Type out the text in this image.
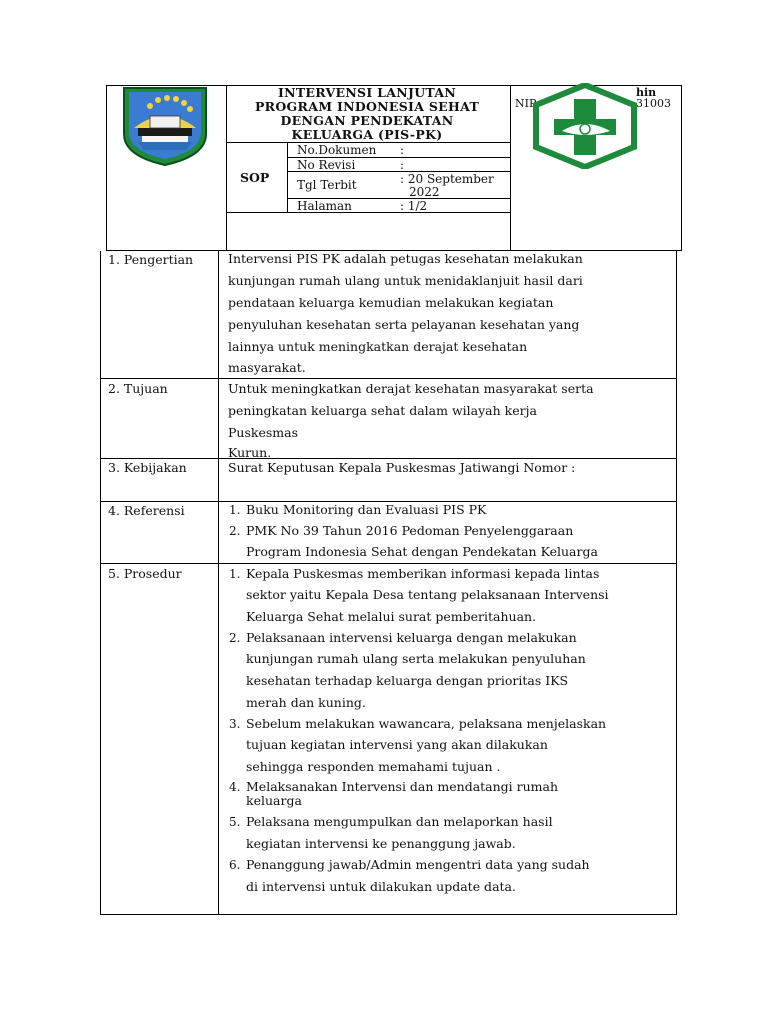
INTERVENSI LANJUTAN
PROGRAM INDONESIA SEHAT
DENGAN PENDEKATAN
KELUARGA (PIS-PK)
SOP
No.Dokumen :
No Revisi	:
Tgl Terbit	: 20 September
2022
Halaman	: 1/2
hin
NIP	31003
1. Pengertian	Intervensi PIS PK adalah petugas kesehatan melakukan
kunjungan rumah ulang untuk menidaklanjuit hasil dari
pendataan keluarga kemudian melakukan kegiatan
penyuluhan kesehatan serta pelayanan kesehatan yang
lainnya untuk meningkatkan derajat kesehatan
masyarakat.
2. Tujuan	Untuk meningkatkan derajat kesehatan masyarakat serta
peningkatan keluarga sehat dalam wilayah kerja
Puskesmas
Kurun.
3. Kebijakan	Surat Keputusan Kepala Puskesmas Jatiwangi Nomor :
4. Referensi	1. Buku Monitoring dan Evaluasi PIS PK
2. PMK No 39 Tahun 2016 Pedoman Penyelenggaraan
Program Indonesia Sehat dengan Pendekatan Keluarga
5. Prosedur	1. Kepala Puskesmas memberikan informasi kepada lintas
sektor yaitu Kepala Desa tentang pelaksanaan Intervensi
Keluarga Sehat melalui surat pemberitahuan.
2. Pelaksanaan intervensi keluarga dengan melakukan
kunjungan rumah ulang serta melakukan penyuluhan
kesehatan terhadap keluarga dengan prioritas IKS
merah dan kuning.
3. Sebelum melakukan wawancara, pelaksana menjelaskan
tujuan kegiatan intervensi yang akan dilakukan
sehingga responden memahami tujuan .
4. Melaksanakan Intervensi dan mendatangi rumah
keluarga
5. Pelaksana mengumpulkan dan melaporkan hasil
kegiatan intervensi ke penanggung jawab.
6. Penanggung jawab/Admin mengentri data yang sudah
di intervensi untuk dilakukan update data.
